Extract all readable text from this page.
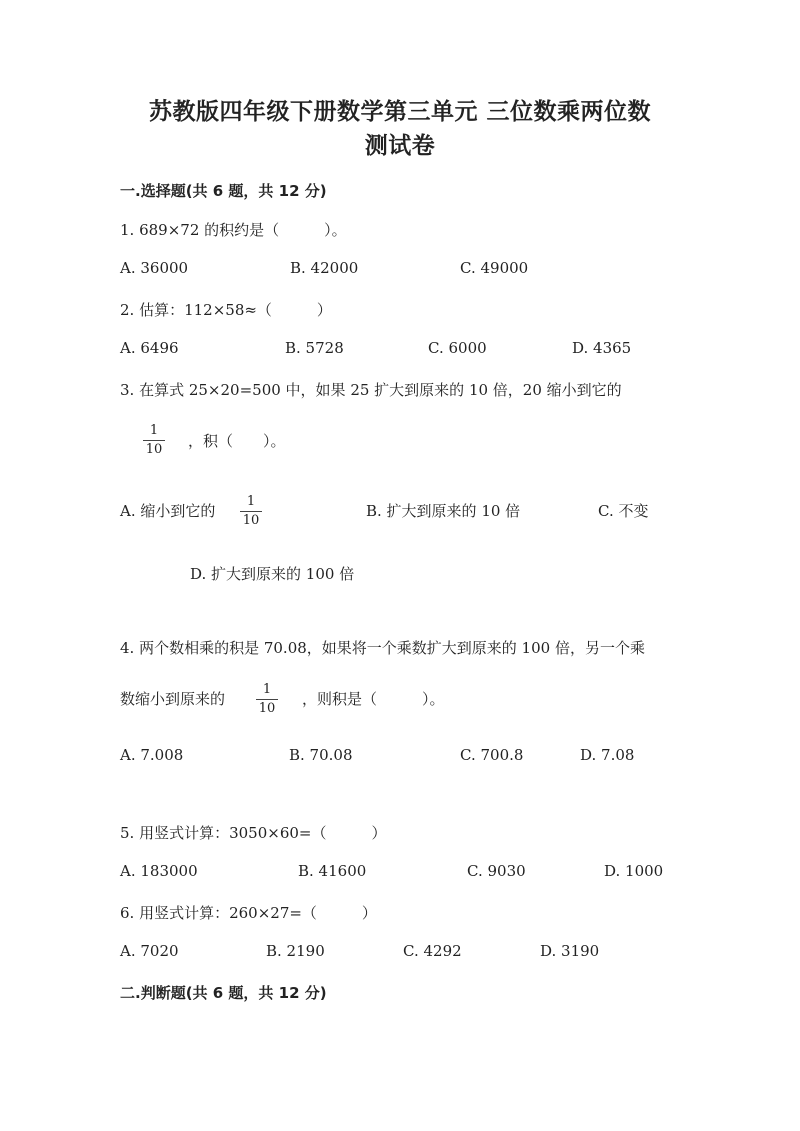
苏教版四年级下册数学第三单元 三位数乘两位数
测试卷
一.选择题(共 6 题，共 12 分)
1. 689×72 的积约是（　　　）。
A. 36000	B. 42000	C. 49000
2. 估算：112×58≈（　　　）
A. 6496	B. 5728	C. 6000	D. 4365
3. 在算式 25×20=500 中，如果 25 扩大到原来的 10 倍，20 缩小到它的
1
10 ，积（　　）。
A. 缩小到它的
1
10
B. 扩大到原来的 10 倍	C. 不变
D. 扩大到原来的 100 倍
4. 两个数相乘的积是 70.08，如果将一个乘数扩大到原来的 100 倍，另一个乘
数缩小到原来的
1
10
，则积是（　　　）。
A. 7.008	B. 70.08	C. 700.8	D. 7.08
5. 用竖式计算：3050×60=（　　　）
A. 183000	B. 41600	C. 9030	D. 1000
6. 用竖式计算：260×27=（　　　）
A. 7020	B. 2190	C. 4292	D. 3190
二.判断题(共 6 题，共 12 分)
